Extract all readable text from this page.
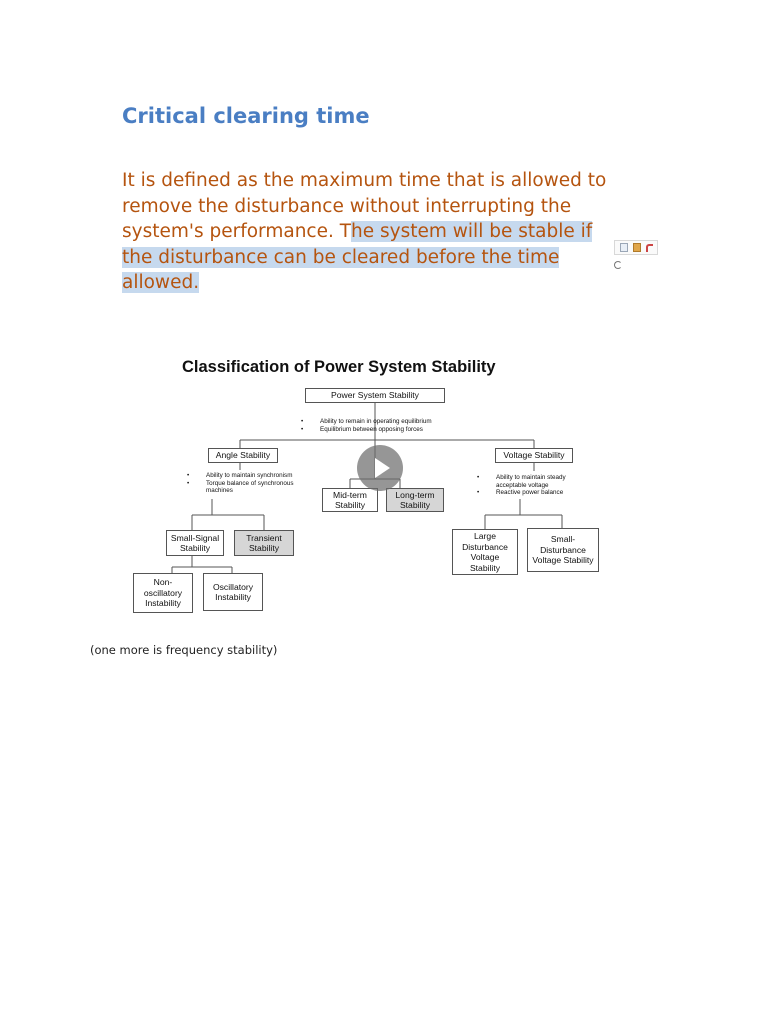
Critical clearing time

It is defined as the maximum time that is allowed to remove the disturbance without interrupting the system's performance. The system will be stable if the disturbance can be cleared before the time allowed.

Classification of Power System Stability
Power System Stability
• Ability to remain in operating equilibrium
• Equilibrium between opposing forces
Angle Stability
• Ability to maintain synchronism
• Torque balance of synchronous
machines
Voltage Stability
• Ability to maintain steady
acceptable voltage
• Reactive power balance
Mid-term
Stability
Long-term
Stability
Small-Signal
Stability
Transient
Stability
Non-
oscillatory
Instability
Oscillatory
Instability
Large
Disturbance
Voltage
Stability
Small-
Disturbance
Voltage Stability

(one more is frequency stability)
